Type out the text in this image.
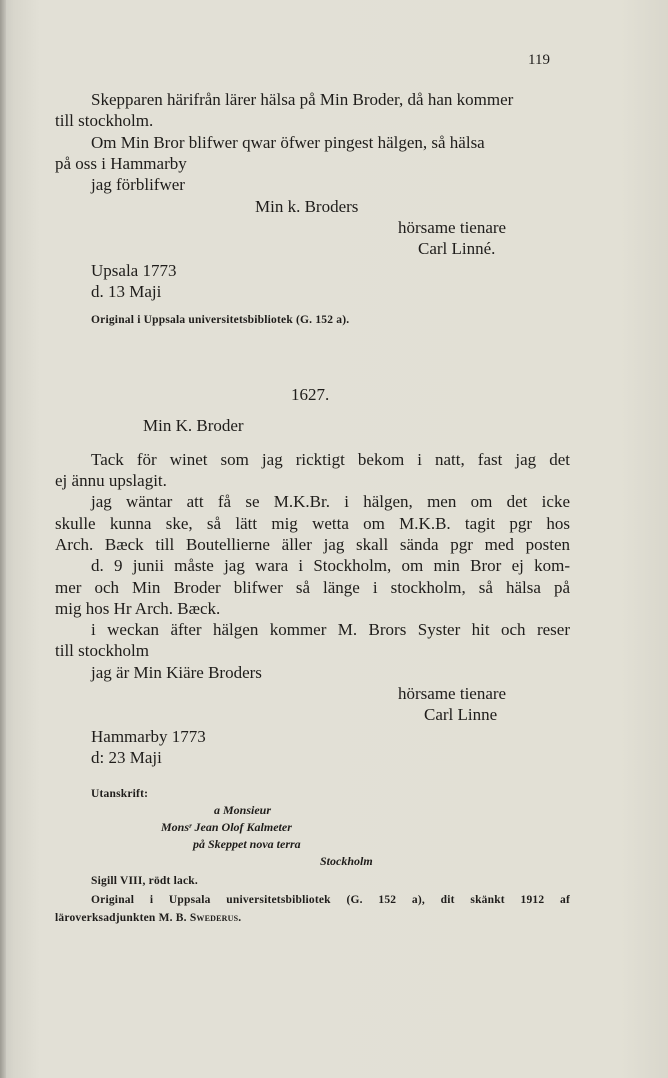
119
Skepparen härifrån lärer hälsa på Min Broder, då han kommer
till stockholm.
Om Min Bror blifwer qwar öfwer pingest hälgen, så hälsa
på oss i Hammarby
jag förblifwer
Min k. Broders
hörsame tienare
Carl Linné.
Upsala 1773
d. 13 Maji
Original i Uppsala universitetsbibliotek (G. 152 a).
1627.
Min K. Broder
Tack för winet som jag ricktigt bekom i natt, fast jag det
ej ännu upslagit.
jag wäntar att få se M.K.Br. i hälgen, men om det icke
skulle kunna ske, så lätt mig wetta om M.K.B. tagit pgr hos
Arch. Bæck till Boutellierne äller jag skall sända pgr med posten
d. 9 junii måste jag wara i Stockholm, om min Bror ej kom-
mer och Min Broder blifwer så länge i stockholm, så hälsa på
mig hos Hr Arch. Bæck.
i weckan äfter hälgen kommer M. Brors Syster hit och reser
till stockholm
jag är Min Kiäre Broders
hörsame tienare
Carl Linne
Hammarby 1773
d: 23 Maji
Utanskrift:
a Monsieur
Monsʳ Jean Olof Kalmeter
på Skeppet nova terra
Stockholm
Sigill VIII, rödt lack.
Original i Uppsala universitetsbibliotek (G. 152 a), dit skänkt 1912 af
läroverksadjunkten M. B. Swederus.
